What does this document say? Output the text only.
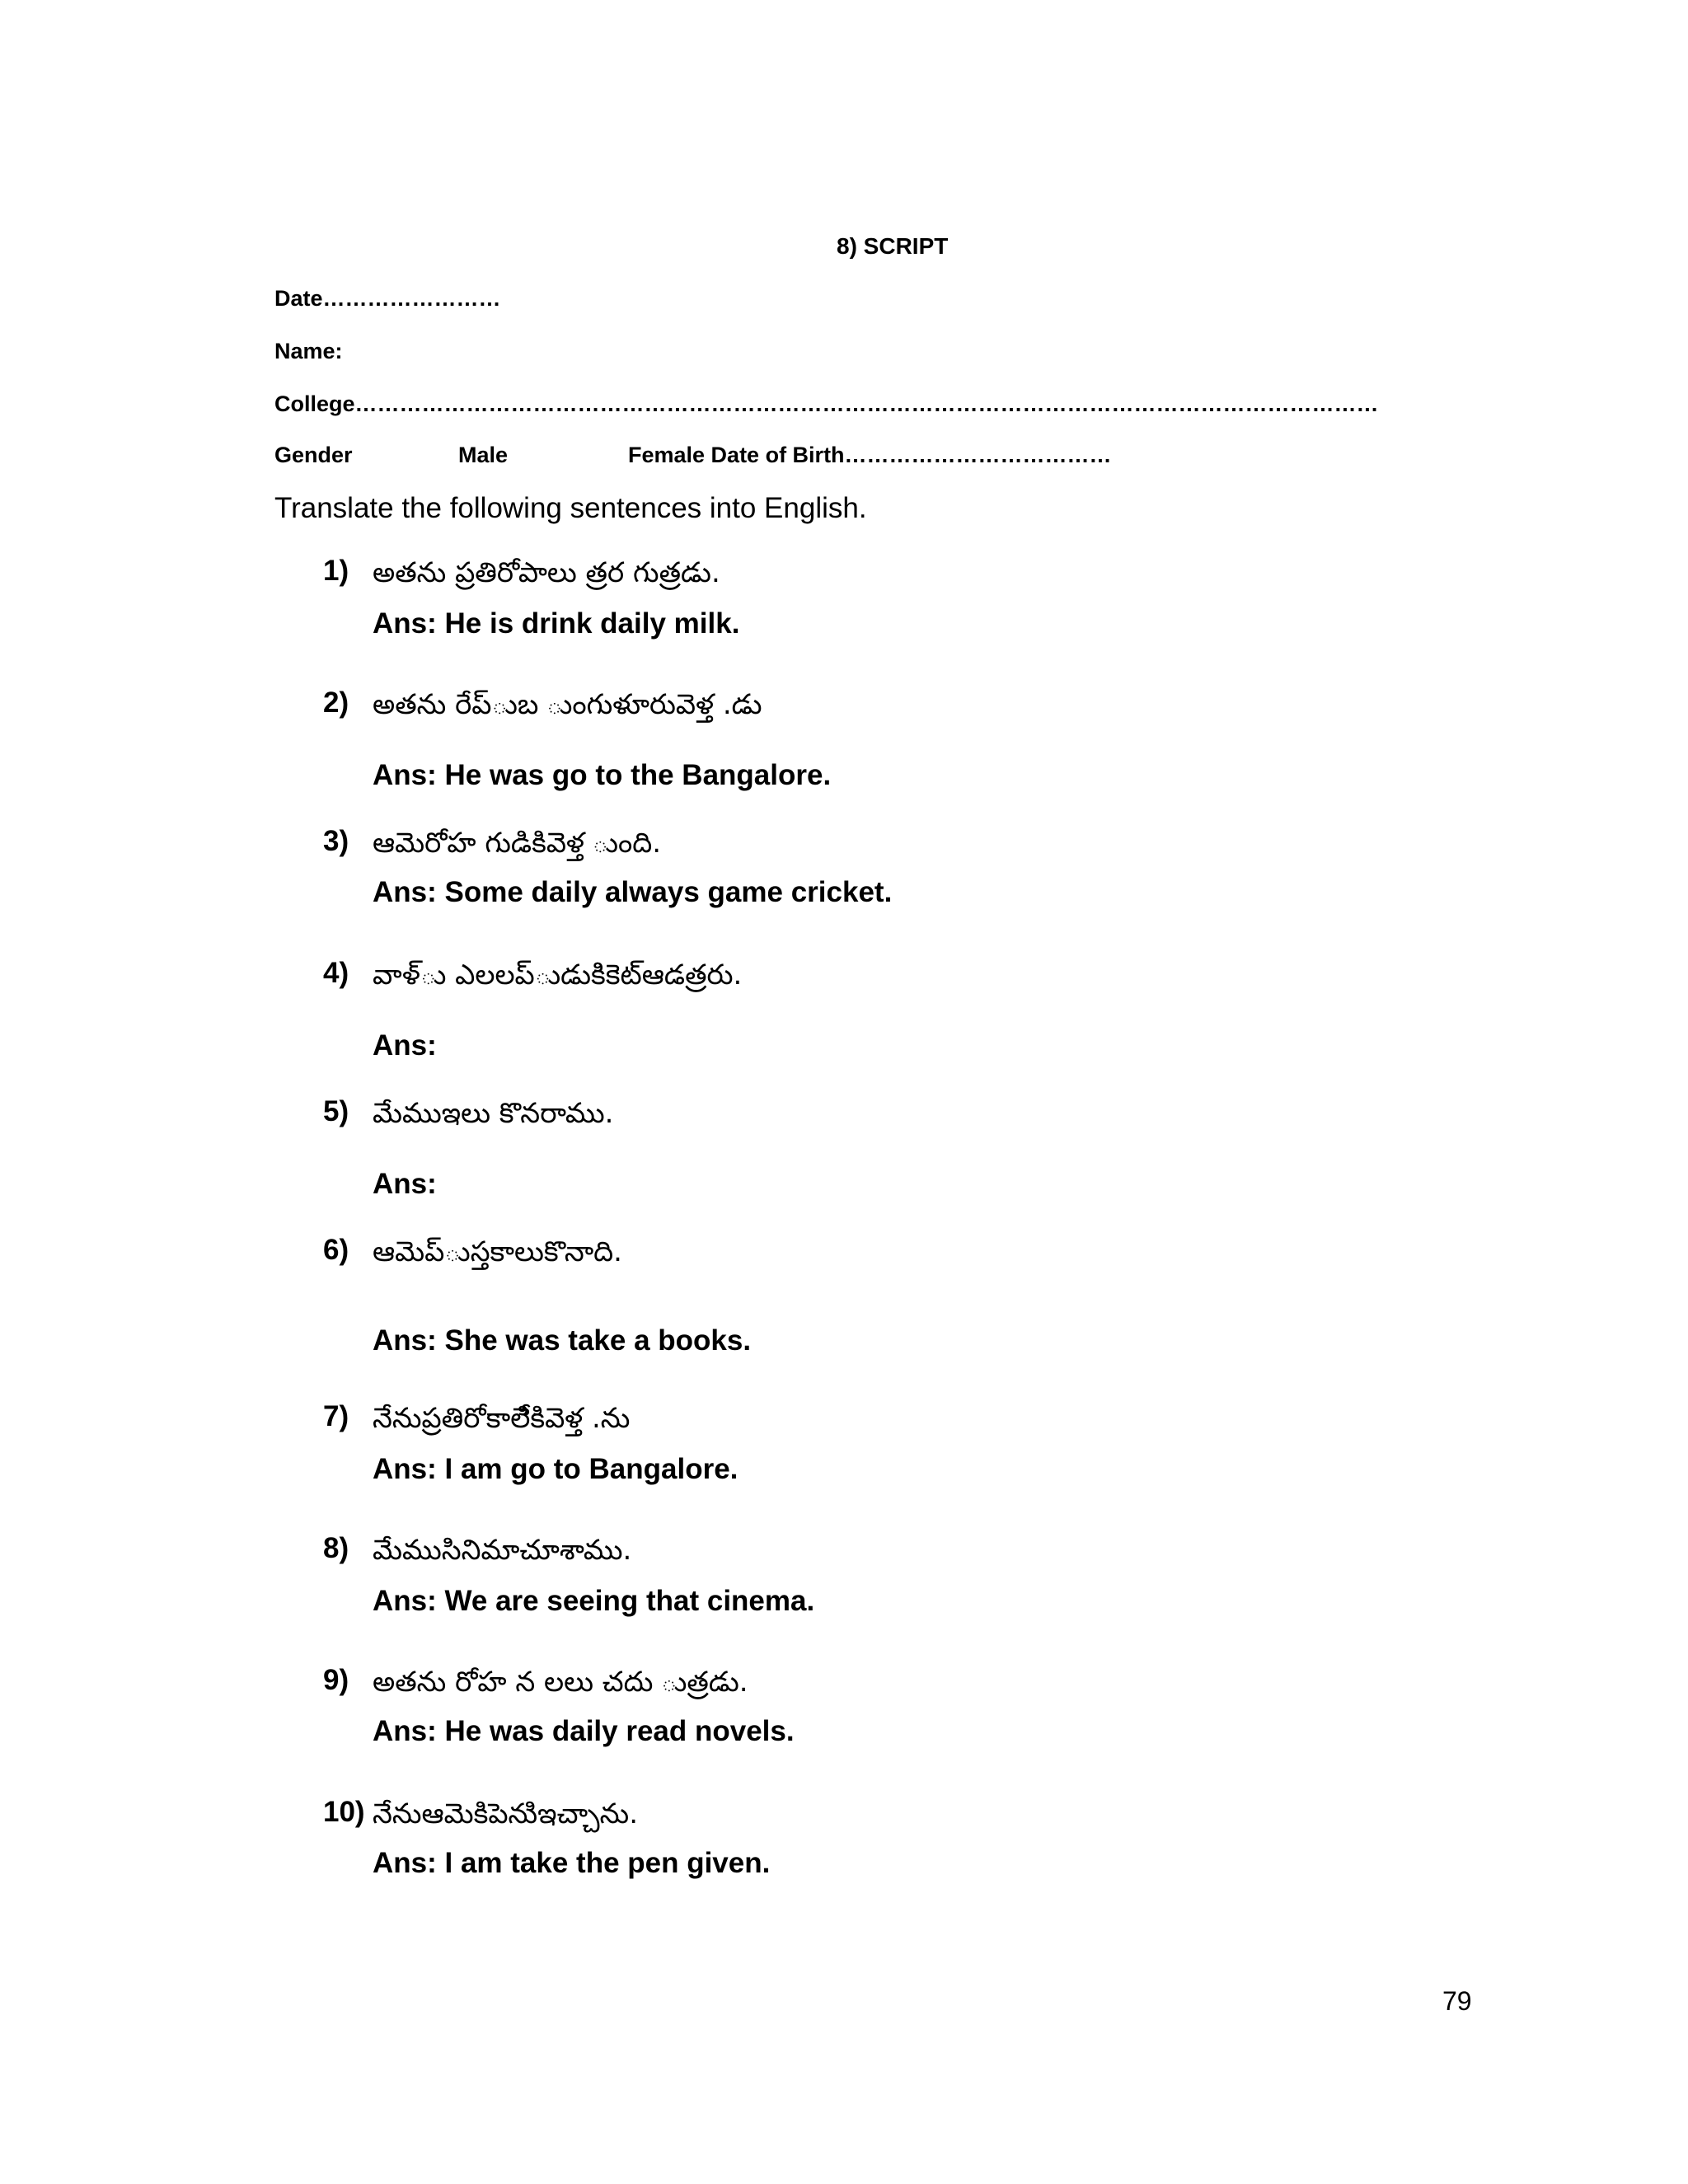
8) SCRIPT
Date……………………
Name:
College…………………………………………………………………………………………………………………………
Gender	Male	Female Date of Birth………………………………
Translate the following sentences into English.
1) అతను ప్రతిరోపాలు త్రర గుత్రడు.
Ans: He is drink daily milk.
2) అతను రేప్ుబ ుంగుళూరువెళ్త .డు
Ans: He was go to the Bangalore.
3) ఆమెరోహ గుడికివెళ్త ుంది.
Ans: Some daily always game cricket.
4) వాళ్ు ఎలలప్ుడుకిికెట్ఆడత్రరు.
Ans:
5) మేముఇలు కొనరాము.
Ans:
6) ఆమెప్ుస్తకాలుకొనాది.
Ans: She was take a books.
7) నేనుప్రతిరోకాలేికివెళ్త .ను
Ans: I am go to Bangalore.
8) మేముసినిమాచూశాము.
Ans: We are seeing that cinema.
9) అతను రోహ న లలు చదు ుత్రడు.
Ans: He was daily read novels.
10) నేనుఆమెకిపెనుిఇచ్చాను.
Ans: I am take the pen given.
79
